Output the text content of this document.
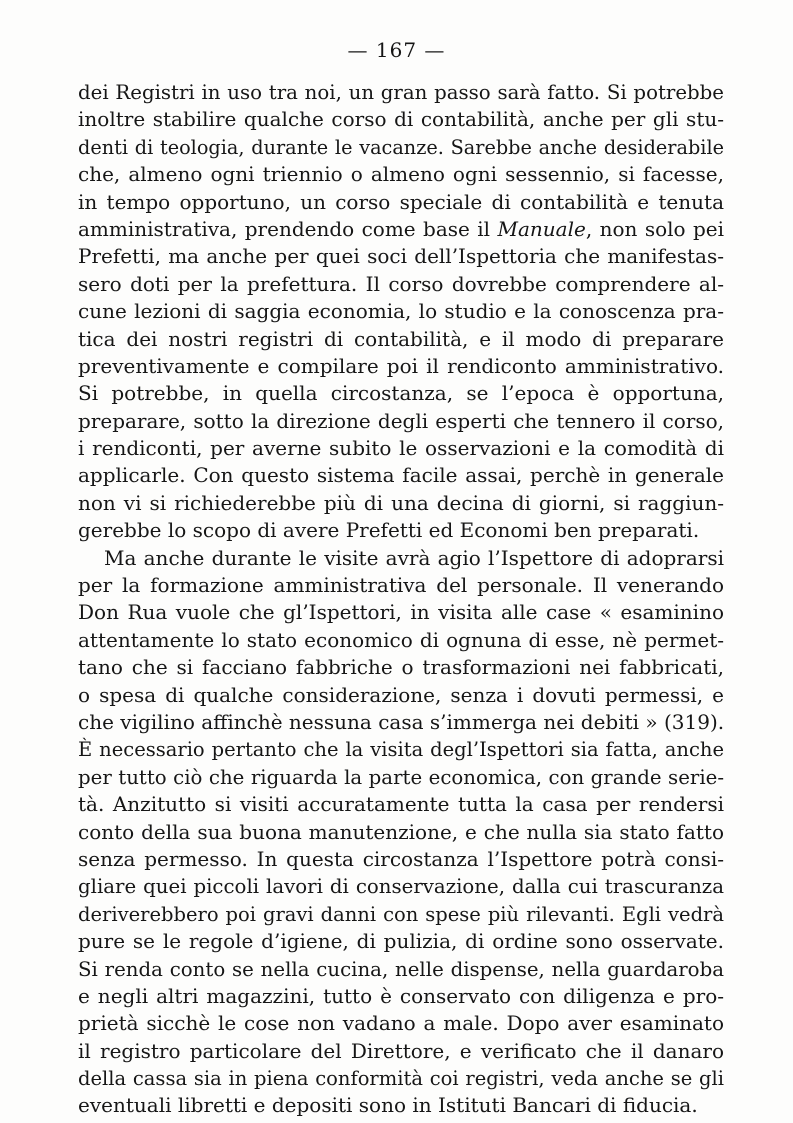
— 167 —
dei Registri in uso tra noi, un gran passo sarà fatto. Si potrebbe
inoltre stabilire qualche corso di contabilità, anche per gli stu-
denti di teologia, durante le vacanze. Sarebbe anche desiderabile
che, almeno ogni triennio o almeno ogni sessennio, si facesse,
in tempo opportuno, un corso speciale di contabilità e tenuta
amministrativa, prendendo come base il Manuale, non solo pei
Prefetti, ma anche per quei soci dell’Ispettoria che manifestas-
sero doti per la prefettura. Il corso dovrebbe comprendere al-
cune lezioni di saggia economia, lo studio e la conoscenza pra-
tica dei nostri registri di contabilità, e il modo di preparare
preventivamente e compilare poi il rendiconto amministrativo.
Si potrebbe, in quella circostanza, se l’epoca è opportuna,
preparare, sotto la direzione degli esperti che tennero il corso,
i rendiconti, per averne subito le osservazioni e la comodità di
applicarle. Con questo sistema facile assai, perchè in generale
non vi si richiederebbe più di una decina di giorni, si raggiun-
gerebbe lo scopo di avere Prefetti ed Economi ben preparati.
Ma anche durante le visite avrà agio l’Ispettore di adoprarsi
per la formazione amministrativa del personale. Il venerando
Don Rua vuole che gl’Ispettori, in visita alle case « esaminino
attentamente lo stato economico di ognuna di esse, nè permet-
tano che si facciano fabbriche o trasformazioni nei fabbricati,
o spesa di qualche considerazione, senza i dovuti permessi, e
che vigilino affinchè nessuna casa s’immerga nei debiti » (319).
È necessario pertanto che la visita degl’Ispettori sia fatta, anche
per tutto ciò che riguarda la parte economica, con grande serie-
tà. Anzitutto si visiti accuratamente tutta la casa per rendersi
conto della sua buona manutenzione, e che nulla sia stato fatto
senza permesso. In questa circostanza l’Ispettore potrà consi-
gliare quei piccoli lavori di conservazione, dalla cui trascuranza
deriverebbero poi gravi danni con spese più rilevanti. Egli vedrà
pure se le regole d’igiene, di pulizia, di ordine sono osservate.
Si renda conto se nella cucina, nelle dispense, nella guardaroba
e negli altri magazzini, tutto è conservato con diligenza e pro-
prietà sicchè le cose non vadano a male. Dopo aver esaminato
il registro particolare del Direttore, e verificato che il danaro
della cassa sia in piena conformità coi registri, veda anche se gli
eventuali libretti e depositi sono in Istituti Bancari di fiducia.
